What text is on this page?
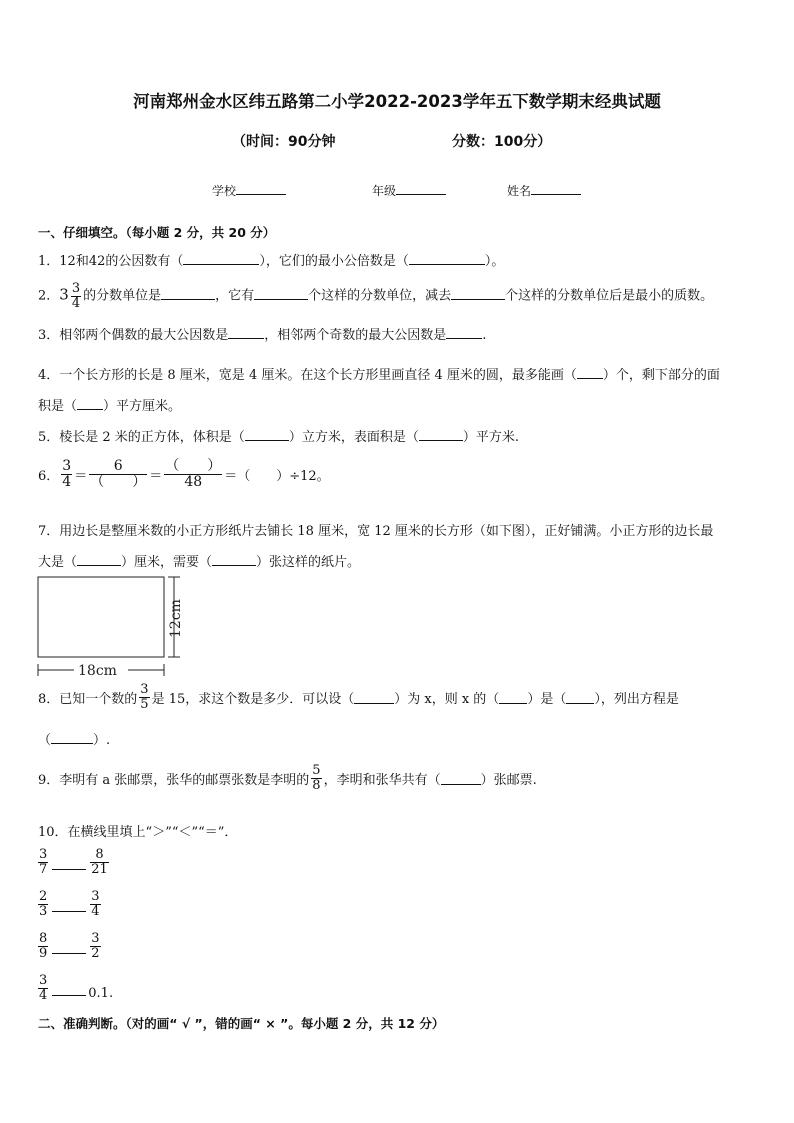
河南郑州金水区纬五路第二小学2022-2023学年五下数学期末经典试题
（时间：90分钟	分数：100分）
学校	年级	姓名
一、仔细填空。（每小题 2 分，共 20 分）
1．12和42的公因数有（	），它们的最小公倍数是（	）。
2．$3 \frac{3}{4}$ 的分数单位是	，它有	个这样的分数单位，减去	个这样的分数单位后是最小的质数。
3．相邻两个偶数的最大公因数是	，相邻两个奇数的最大公因数是	.
4．一个长方形的长是 8 厘米，宽是 4 厘米。在这个长方形里画直径 4 厘米的圆，最多能画（ ）个，剩下部分的面
积是（ ）平方厘米。
5．棱长是 2 米的正方体，体积是（	）立方米，表面积是（	）平方米.
6． $\frac{3}{4} = \frac{6}{( )} = \frac{( )}{48}$ ＝（　　）÷12。
7．用边长是整厘米数的小正方形纸片去铺长 18 厘米，宽 12 厘米的长方形（如下图），正好铺满。小正方形的边长最
大是（	）厘米，需要（	）张这样的纸片。
12cm
18cm
8．已知一个数的 $\frac{3}{5}$ 是 15，求这个数是多少．可以设（	）为 x，则 x 的（ ）是（ ），列出方程是
（	）.
9．李明有 a 张邮票，张华的邮票张数是李明的 $\frac{5}{8}$ ，李明和张华共有（	）张邮票.
10．在横线里填上“＞”“＜”“＝”．
$\frac{3}{7}$	$\frac{8}{21}$
$\frac{2}{3}$	$\frac{3}{4}$
$\frac{8}{9}$	$\frac{3}{2}$
$\frac{3}{4}$	0.1.
二、准确判断。（对的画“ √ ”，错的画“ × ”。每小题 2 分，共 12 分）
